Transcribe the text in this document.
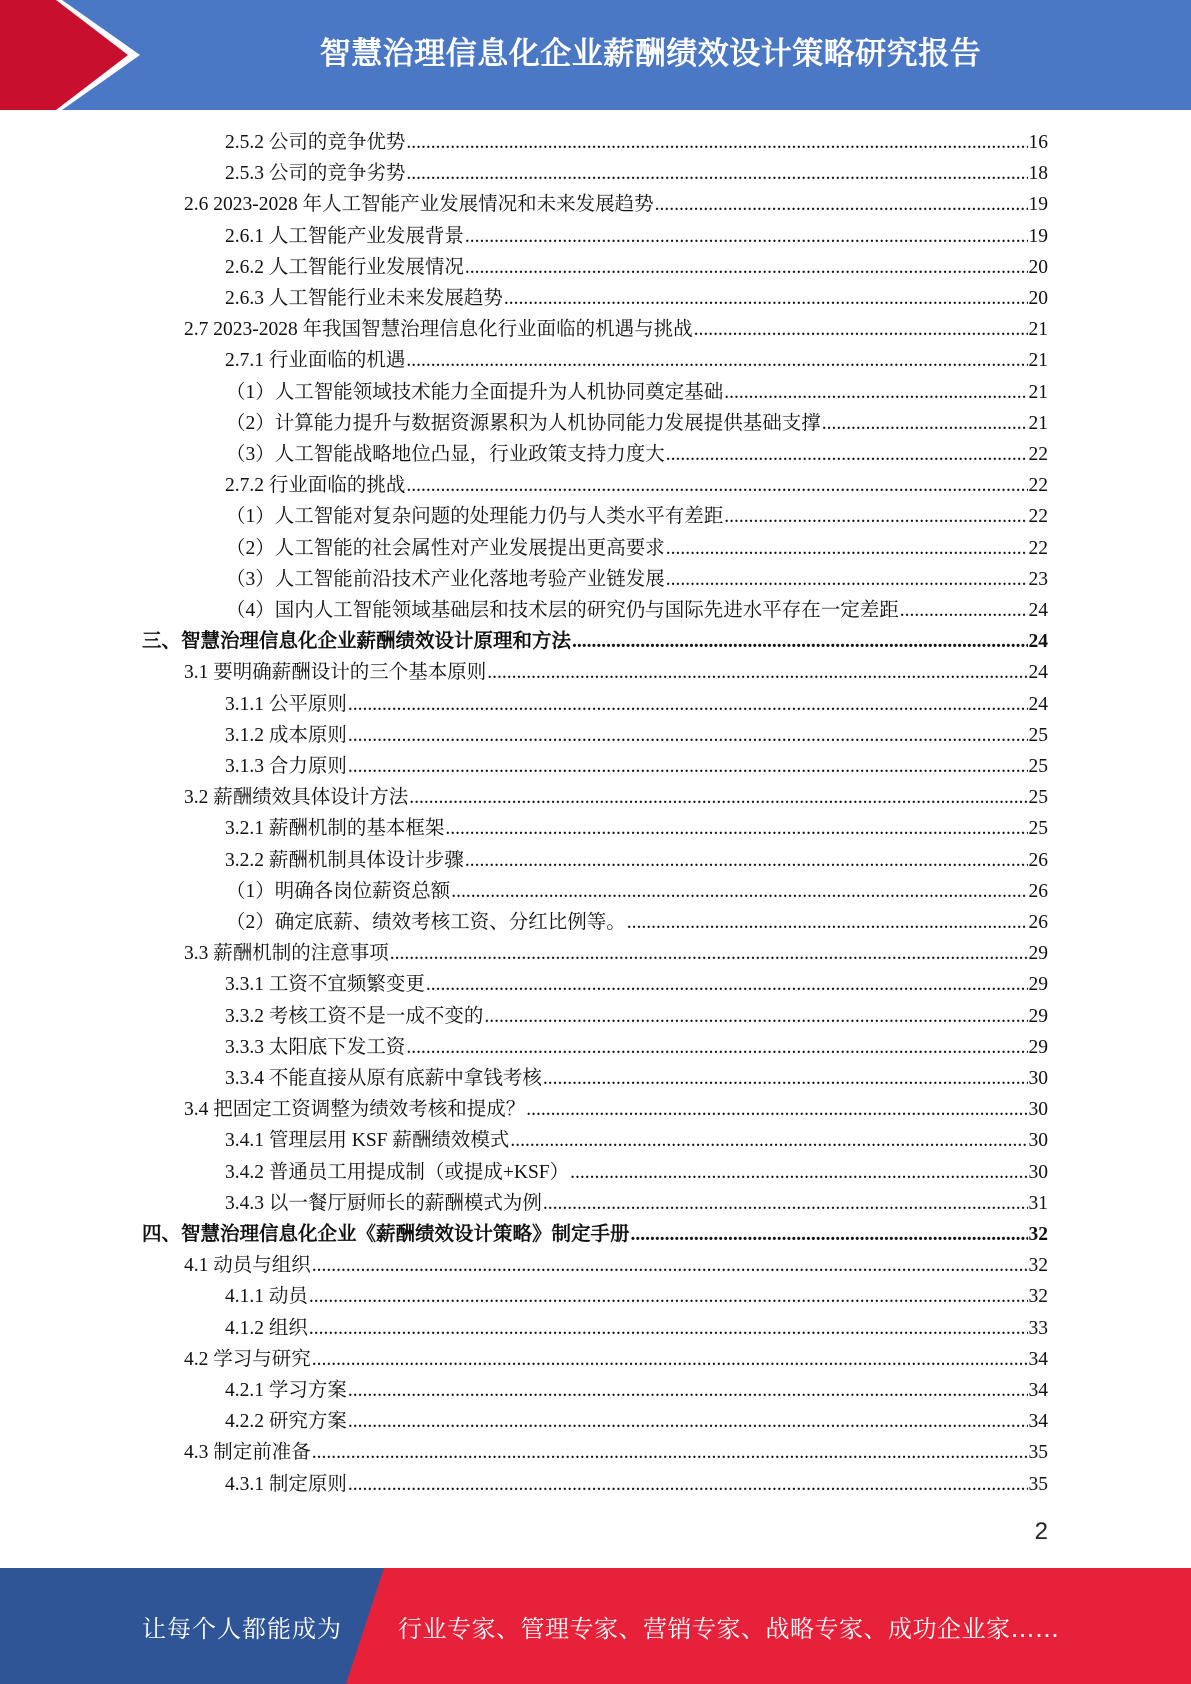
智慧治理信息化企业薪酬绩效设计策略研究报告
2.5.2 公司的竞争优势 .....	16
2.5.3 公司的竞争劣势 .....	18
2.6 2023-2028 年人工智能产业发展情况和未来发展趋势 .....	19
2.6.1 人工智能产业发展背景 .....	19
2.6.2 人工智能行业发展情况 .....	20
2.6.3 人工智能行业未来发展趋势 .....	20
2.7 2023-2028 年我国智慧治理信息化行业面临的机遇与挑战 .....	21
2.7.1 行业面临的机遇 .....	21
（1）人工智能领域技术能力全面提升为人机协同奠定基础 .....	21
（2）计算能力提升与数据资源累积为人机协同能力发展提供基础支撑 .....	21
（3）人工智能战略地位凸显，行业政策支持力度大 .....	22
2.7.2 行业面临的挑战 .....	22
（1）人工智能对复杂问题的处理能力仍与人类水平有差距 .....	22
（2）人工智能的社会属性对产业发展提出更高要求 .....	22
（3）人工智能前沿技术产业化落地考验产业链发展 .....	23
（4）国内人工智能领域基础层和技术层的研究仍与国际先进水平存在一定差距 .....	24
三、智慧治理信息化企业薪酬绩效设计原理和方法 .....	24
3.1 要明确薪酬设计的三个基本原则 .....	24
3.1.1 公平原则 .....	24
3.1.2 成本原则 .....	25
3.1.3 合力原则 .....	25
3.2 薪酬绩效具体设计方法 .....	25
3.2.1 薪酬机制的基本框架 .....	25
3.2.2 薪酬机制具体设计步骤 .....	26
（1）明确各岗位薪资总额 .....	26
（2）确定底薪、绩效考核工资、分红比例等。 .....	26
3.3 薪酬机制的注意事项 .....	29
3.3.1 工资不宜频繁变更 .....	29
3.3.2 考核工资不是一成不变的 .....	29
3.3.3 太阳底下发工资 .....	29
3.3.4 不能直接从原有底薪中拿钱考核 .....	30
3.4 把固定工资调整为绩效考核和提成？ .....	30
3.4.1 管理层用 KSF 薪酬绩效模式 .....	30
3.4.2 普通员工用提成制（或提成+KSF） .....	30
3.4.3 以一餐厅厨师长的薪酬模式为例 .....	31
四、智慧治理信息化企业《薪酬绩效设计策略》制定手册 .....	32
4.1 动员与组织 .....	32
4.1.1 动员 .....	32
4.1.2 组织 .....	33
4.2 学习与研究 .....	34
4.2.1 学习方案 .....	34
4.2.2 研究方案 .....	34
4.3 制定前准备 .....	35
4.3.1 制定原则 .....	35
2
让每个人都能成为 行业专家、管理专家、营销专家、战略专家、成功企业家……
